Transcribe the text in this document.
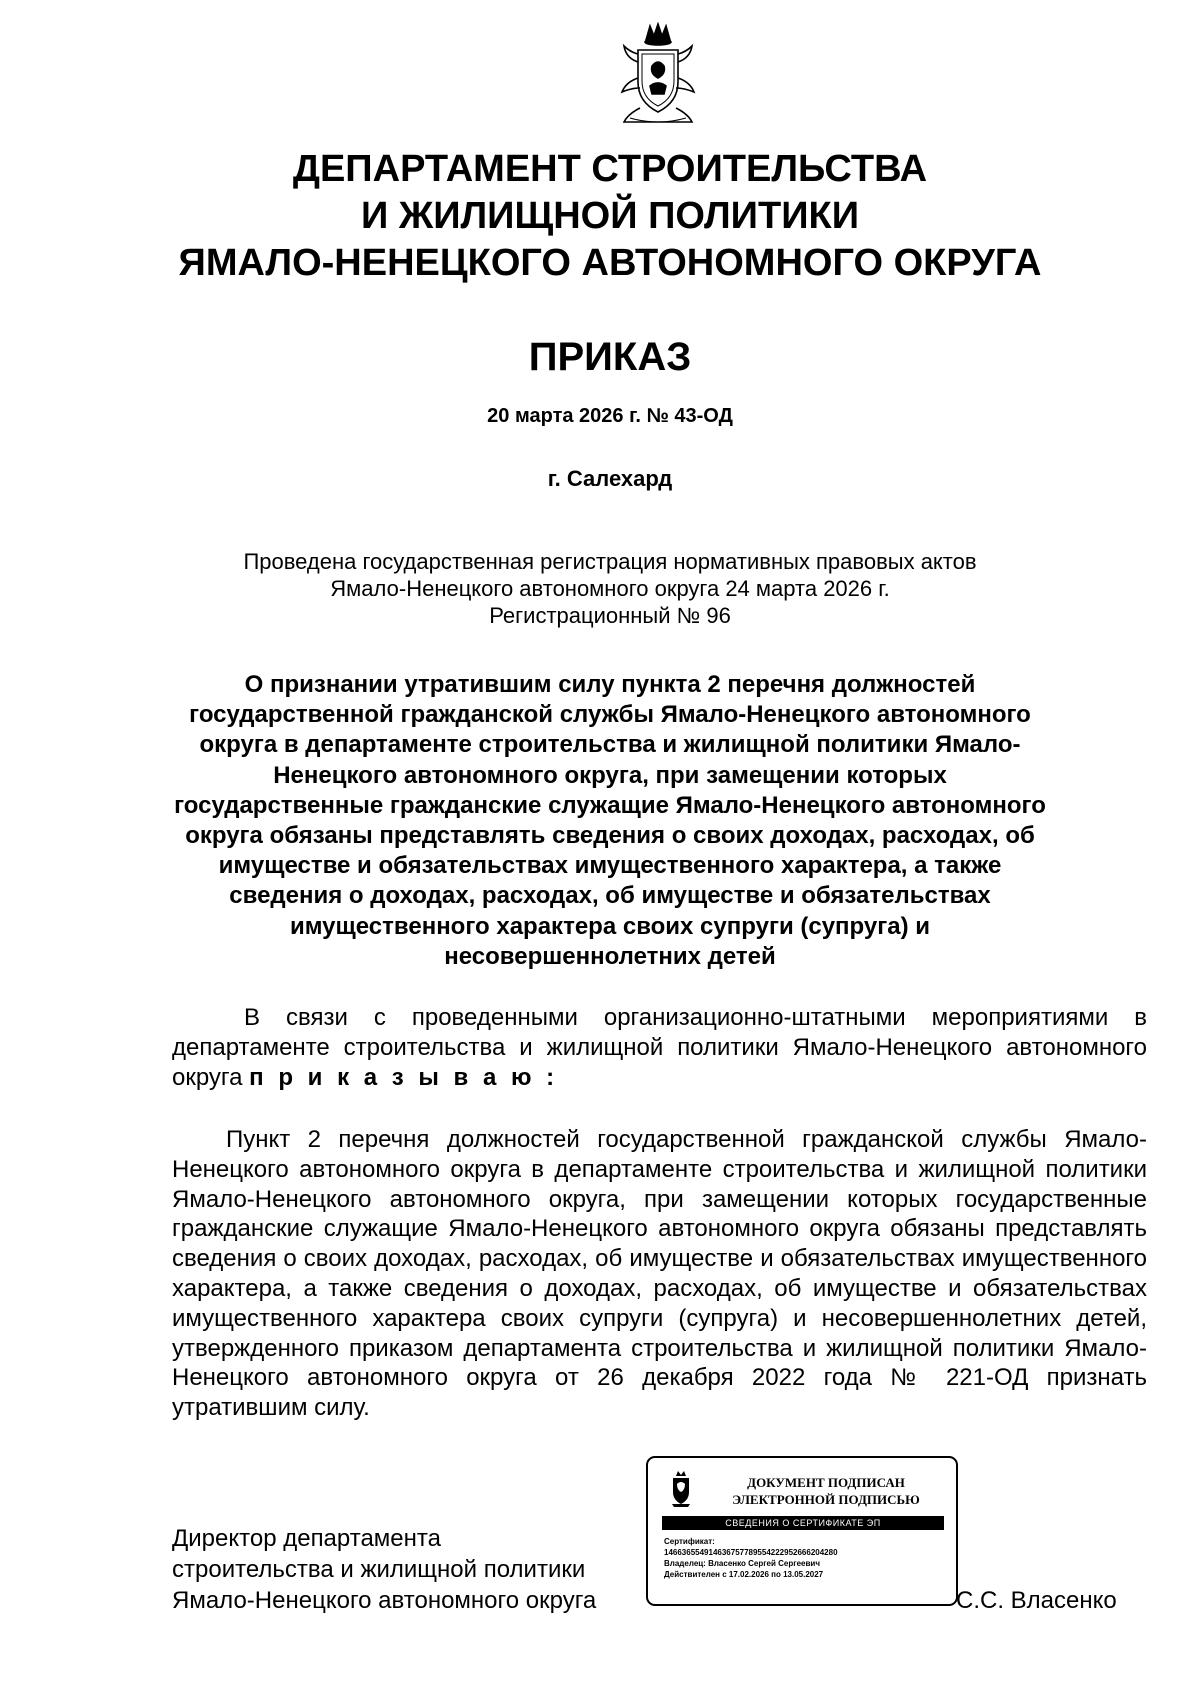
ДЕПАРТАМЕНТ СТРОИТЕЛЬСТВА
И ЖИЛИЩНОЙ ПОЛИТИКИ
ЯМАЛО-НЕНЕЦКОГО АВТОНОМНОГО ОКРУГА
ПРИКАЗ
20 марта 2026 г. № 43-ОД
г. Салехард
Проведена государственная регистрация нормативных правовых актов
Ямало-Ненецкого автономного округа 24 марта 2026 г.
Регистрационный № 96
О признании утратившим силу пункта 2 перечня должностей государственной гражданской службы Ямало-Ненецкого автономного округа в департаменте строительства и жилищной политики Ямало-Ненецкого автономного округа, при замещении которых государственные гражданские служащие Ямало-Ненецкого автономного округа обязаны представлять сведения о своих доходах, расходах, об имуществе и обязательствах имущественного характера, а также сведения о доходах, расходах, об имуществе и обязательствах имущественного характера своих супруги (супруга) и несовершеннолетних детей
В связи с проведенными организационно-штатными мероприятиями в департаменте строительства и жилищной политики Ямало-Ненецкого автономного округа п р и к а з ы в а ю :
Пункт 2 перечня должностей государственной гражданской службы Ямало-Ненецкого автономного округа в департаменте строительства и жилищной политики Ямало-Ненецкого автономного округа, при замещении которых государственные гражданские служащие Ямало-Ненецкого автономного округа обязаны представлять сведения о своих доходах, расходах, об имуществе и обязательствах имущественного характера, а также сведения о доходах, расходах, об имуществе и обязательствах имущественного характера своих супруги (супруга) и несовершеннолетних детей, утвержденного приказом департамента строительства и жилищной политики Ямало-Ненецкого автономного округа от 26 декабря 2022 года № 221-ОД признать утратившим силу.
Директор департамента
строительства и жилищной политики
Ямало-Ненецкого автономного округа
ДОКУМЕНТ ПОДПИСАН
ЭЛЕКТРОННОЙ ПОДПИСЬЮ
СВЕДЕНИЯ О СЕРТИФИКАТЕ ЭП
Сертификат:
14663655491463675778955422295266620428​0
Владелец: Власенко Сергей Сергеевич
Действителен с 17.02.2026 по 13.05.2027
С.С. Власенко
